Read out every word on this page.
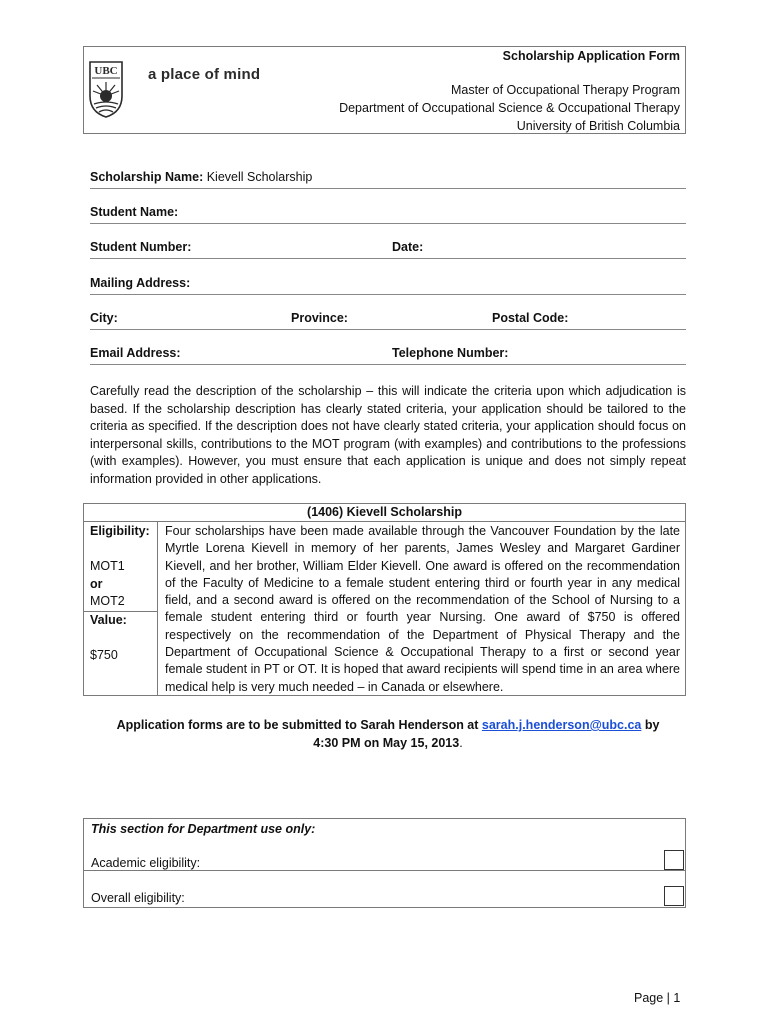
UBC a place of mind
Scholarship Application Form
Master of Occupational Therapy Program
Department of Occupational Science & Occupational Therapy
University of British Columbia
Scholarship Name: Kievell Scholarship
Student Name:
Student Number:	Date:
Mailing Address:
City:	Province:	Postal Code:
Email Address:	Telephone Number:
Carefully read the description of the scholarship – this will indicate the criteria upon which adjudication is based. If the scholarship description has clearly stated criteria, your application should be tailored to the criteria as specified. If the description does not have clearly stated criteria, your application should focus on interpersonal skills, contributions to the MOT program (with examples) and contributions to the professions (with examples). However, you must ensure that each application is unique and does not simply repeat information provided in other applications.
(1406) Kievell Scholarship
Eligibility:
MOT1
or
MOT2
Value:
$750
Four scholarships have been made available through the Vancouver Foundation by the late Myrtle Lorena Kievell in memory of her parents, James Wesley and Margaret Gardiner Kievell, and her brother, William Elder Kievell. One award is offered on the recommendation of the Faculty of Medicine to a female student entering third or fourth year in any medical field, and a second award is offered on the recommendation of the School of Nursing to a female student entering third or fourth year Nursing. One award of $750 is offered respectively on the recommendation of the Department of Physical Therapy and the Department of Occupational Science & Occupational Therapy to a first or second year female student in PT or OT. It is hoped that award recipients will spend time in an area where medical help is very much needed – in Canada or elsewhere.
Application forms are to be submitted to Sarah Henderson at sarah.j.henderson@ubc.ca by
4:30 PM on May 15, 2013.
This section for Department use only:
Academic eligibility:
Overall eligibility:
Page | 1
